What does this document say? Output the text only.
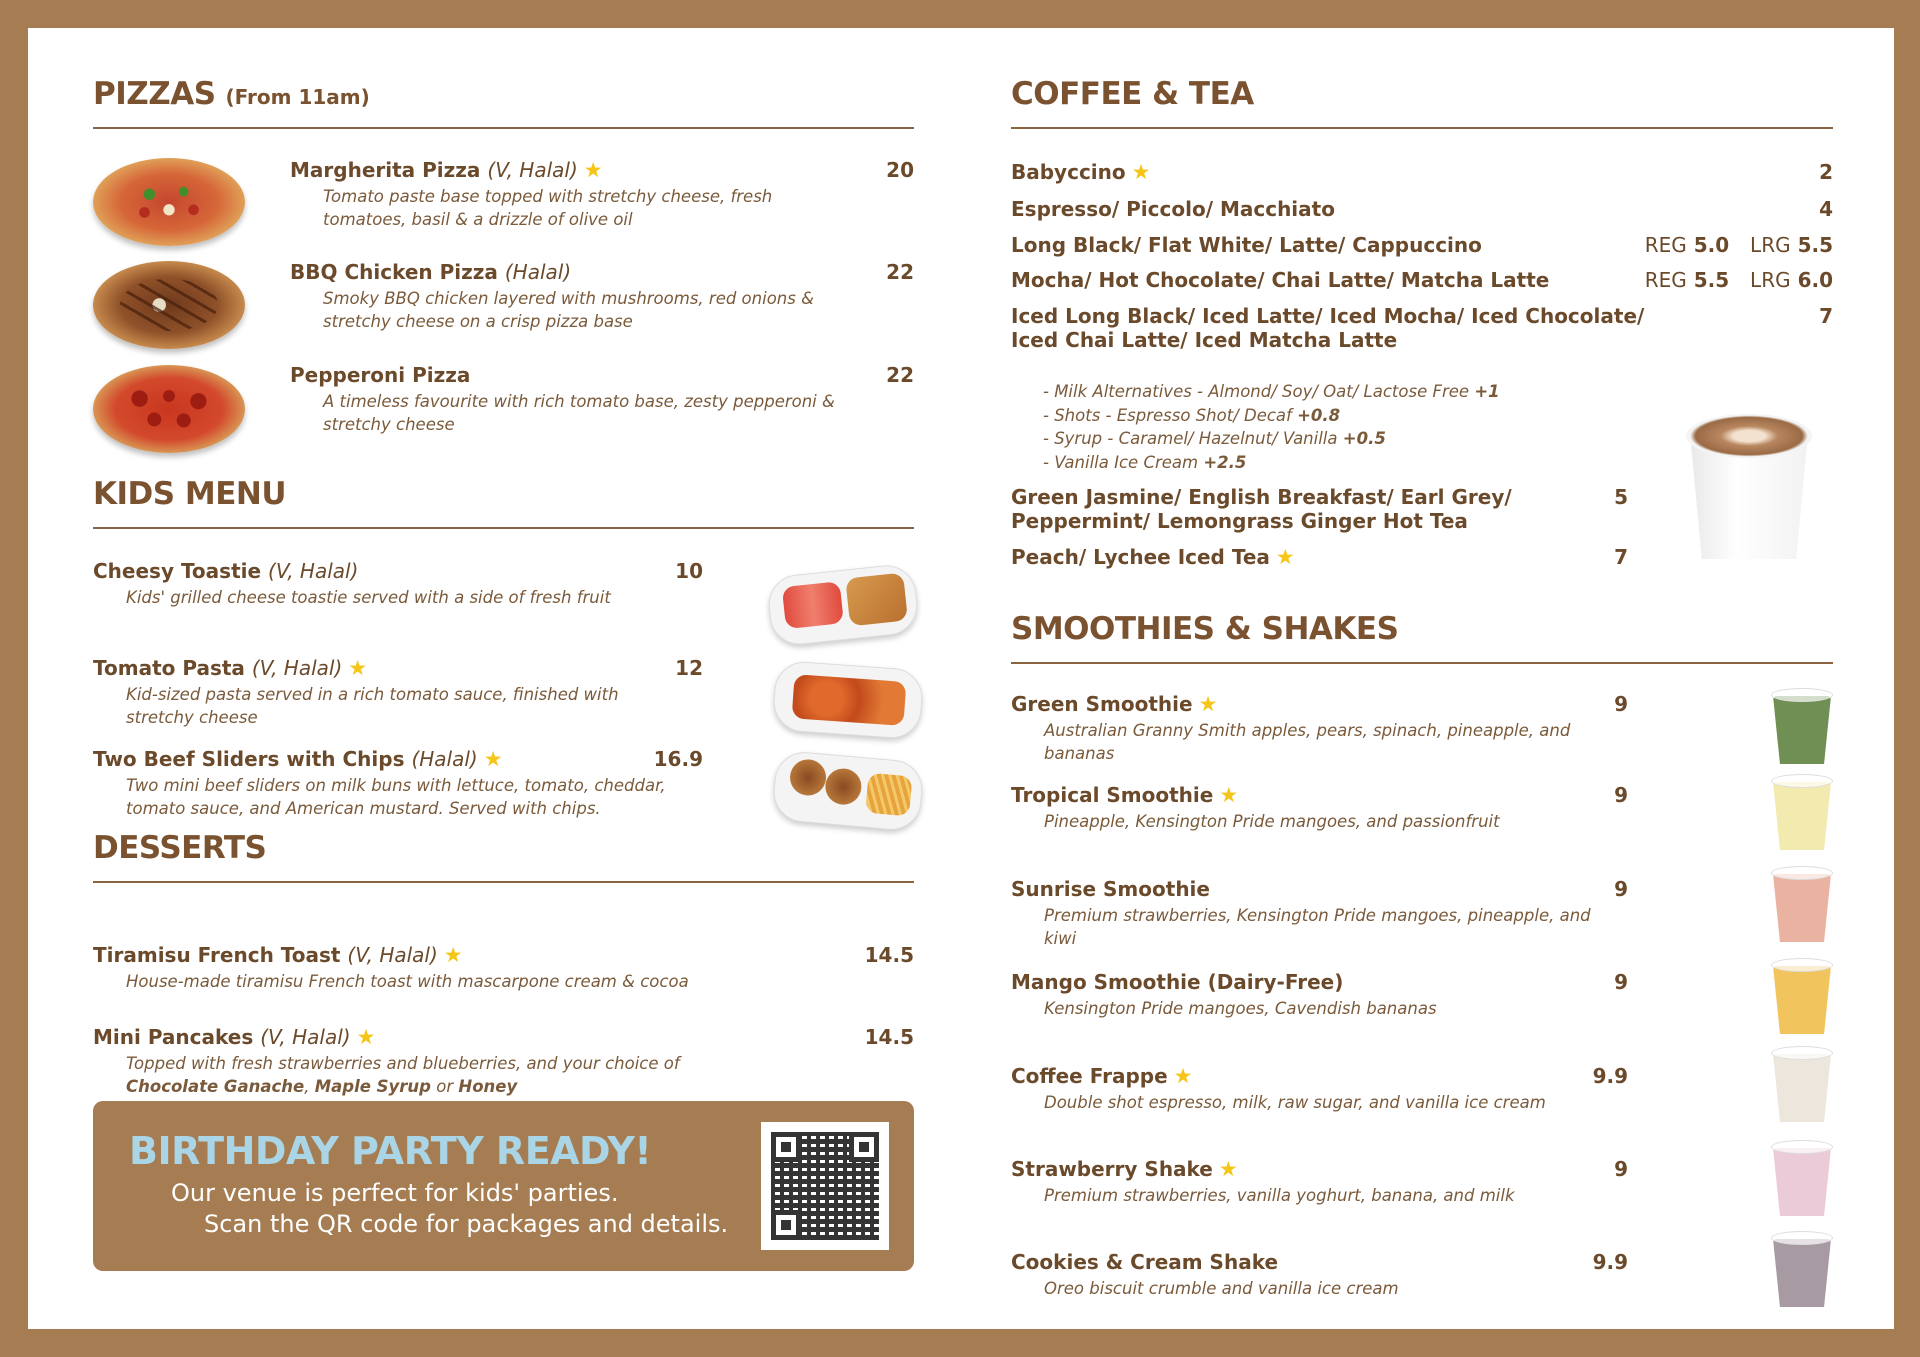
PIZZAS (From 11am)
Margherita Pizza (V, Halal) ★
Tomato paste base topped with stretchy cheese, fresh tomatoes, basil & a drizzle of olive oil
20
BBQ Chicken Pizza (Halal)
Smoky BBQ chicken layered with mushrooms, red onions & stretchy cheese on a crisp pizza base
22
Pepperoni Pizza
A timeless favourite with rich tomato base, zesty pepperoni & stretchy cheese
22
KIDS MENU
Cheesy Toastie (V, Halal)
Kids' grilled cheese toastie served with a side of fresh fruit
10
Tomato Pasta (V, Halal) ★
Kid-sized pasta served in a rich tomato sauce, finished with stretchy cheese
12
Two Beef Sliders with Chips (Halal) ★
Two mini beef sliders on milk buns with lettuce, tomato, cheddar, tomato sauce, and American mustard. Served with chips.
16.9
DESSERTS
Tiramisu French Toast (V, Halal) ★
House-made tiramisu French toast with mascarpone cream & cocoa
14.5
Mini Pancakes (V, Halal) ★
Topped with fresh strawberries and blueberries, and your choice of
Chocolate Ganache, Maple Syrup or Honey
14.5
BIRTHDAY PARTY READY!
Our venue is perfect for kids' parties.
Scan the QR code for packages and details.
COFFEE & TEA
Babyccino ★	2
Espresso/ Piccolo/ Macchiato	4
Long Black/ Flat White/ Latte/ Cappuccino	REG 5.0 LRG 5.5
Mocha/ Hot Chocolate/ Chai Latte/ Matcha Latte	REG 5.5 LRG 6.0
Iced Long Black/ Iced Latte/ Iced Mocha/ Iced Chocolate/
Iced Chai Latte/ Iced Matcha Latte
7
- Milk Alternatives - Almond/ Soy/ Oat/ Lactose Free +1
- Shots - Espresso Shot/ Decaf +0.8
- Syrup - Caramel/ Hazelnut/ Vanilla +0.5
- Vanilla Ice Cream +2.5
Green Jasmine/ English Breakfast/ Earl Grey/
Peppermint/ Lemongrass Ginger Hot Tea
5
Peach/ Lychee Iced Tea ★	7
SMOOTHIES & SHAKES
Green Smoothie ★
Australian Granny Smith apples, pears, spinach, pineapple, and bananas
9
Tropical Smoothie ★
Pineapple, Kensington Pride mangoes, and passionfruit
9
Sunrise Smoothie
Premium strawberries, Kensington Pride mangoes, pineapple, and kiwi
9
Mango Smoothie (Dairy-Free)
Kensington Pride mangoes, Cavendish bananas
9
Coffee Frappe ★
Double shot espresso, milk, raw sugar, and vanilla ice cream
9.9
Strawberry Shake ★
Premium strawberries, vanilla yoghurt, banana, and milk
9
Cookies & Cream Shake
Oreo biscuit crumble and vanilla ice cream
9.9
